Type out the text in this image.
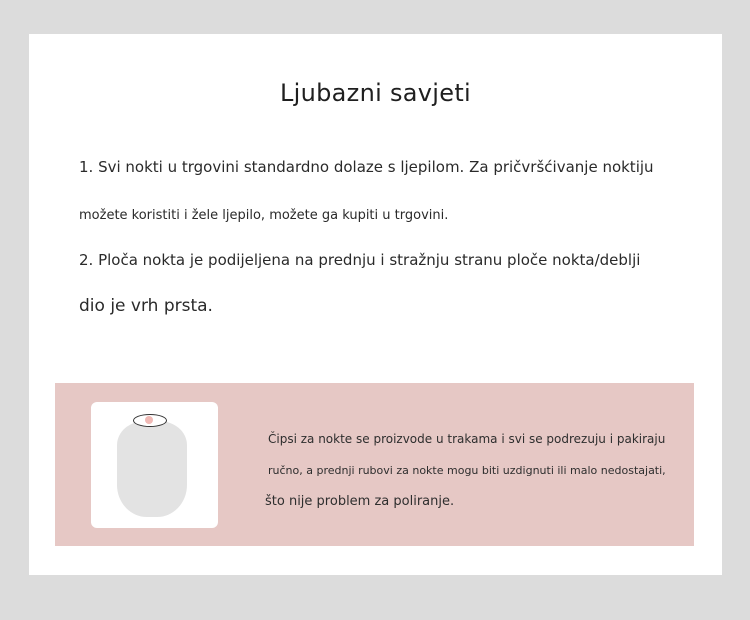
Ljubazni savjeti

1. Svi nokti u trgovini standardno dolaze s ljepilom. Za pričvršćivanje noktiju

možete koristiti i žele ljepilo, možete ga kupiti u trgovini.

2. Ploča nokta je podijeljena na prednju i stražnju stranu ploče nokta/deblji

dio je vrh prsta.

Čipsi za nokte se proizvode u trakama i svi se podrezuju i pakiraju

ručno, a prednji rubovi za nokte mogu biti uzdignuti ili malo nedostajati,

što nije problem za poliranje.
